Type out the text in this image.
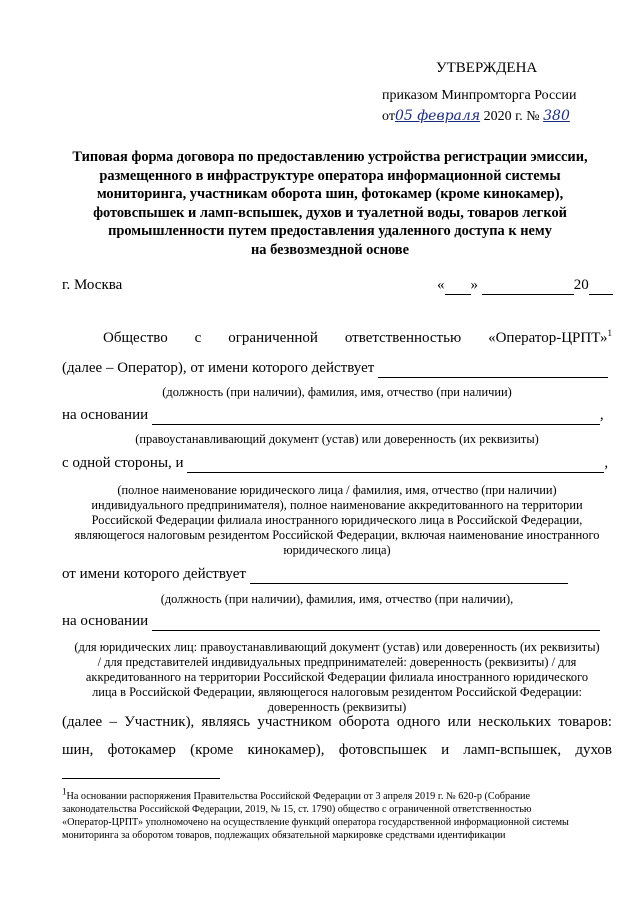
УТВЕРЖДЕНА
приказом Минпромторга России
от05 февраля 2020 г. № 380
Типовая форма договора по предоставлению устройства регистрации эмиссии,
размещенного в инфраструктуре оператора информационной системы
мониторинга, участникам оборота шин, фотокамер (кроме кинокамер),
фотовспышек и ламп-вспышек, духов и туалетной воды, товаров легкой
промышленности путем предоставления удаленного доступа к нему
на безвозмездной основе
г. Москва	« »	20
Общество с ограниченной ответственностью «Оператор-ЦРПТ»$^1$
(далее – Оператор), от имени которого действует
(должность (при наличии), фамилия, имя, отчество (при наличии)
на основании	,
(правоустанавливающий документ (устав) или доверенность (их реквизиты)
с одной стороны, и	,
(полное наименование юридического лица / фамилия, имя, отчество (при наличии)
индивидуального предпринимателя), полное наименование аккредитованного на территории
Российской Федерации филиала иностранного юридического лица в Российской Федерации,
являющегося налоговым резидентом Российской Федерации, включая наименование иностранного
юридического лица)
от имени которого действует
(должность (при наличии), фамилия, имя, отчество (при наличии),
на основании
(для юридических лиц: правоустанавливающий документ (устав) или доверенность (их реквизиты)
/ для представителей индивидуальных предпринимателей: доверенность (реквизиты) / для
аккредитованного на территории Российской Федерации филиала иностранного юридического
лица в Российской Федерации, являющегося налоговым резидентом Российской Федерации:
доверенность (реквизиты)
(далее – Участник), являясь участником оборота одного или нескольких товаров:
шин, фотокамер (кроме кинокамер), фотовспышек и ламп-вспышек, духов
$^1$На основании распоряжения Правительства Российской Федерации от 3 апреля 2019 г. № 620-р (Собрание
законодательства Российской Федерации, 2019, № 15, ст. 1790) общество с ограниченной ответственностью
«Оператор-ЦРПТ» уполномочено на осуществление функций оператора государственной информационной системы
мониторинга за оборотом товаров, подлежащих обязательной маркировке средствами идентификации
